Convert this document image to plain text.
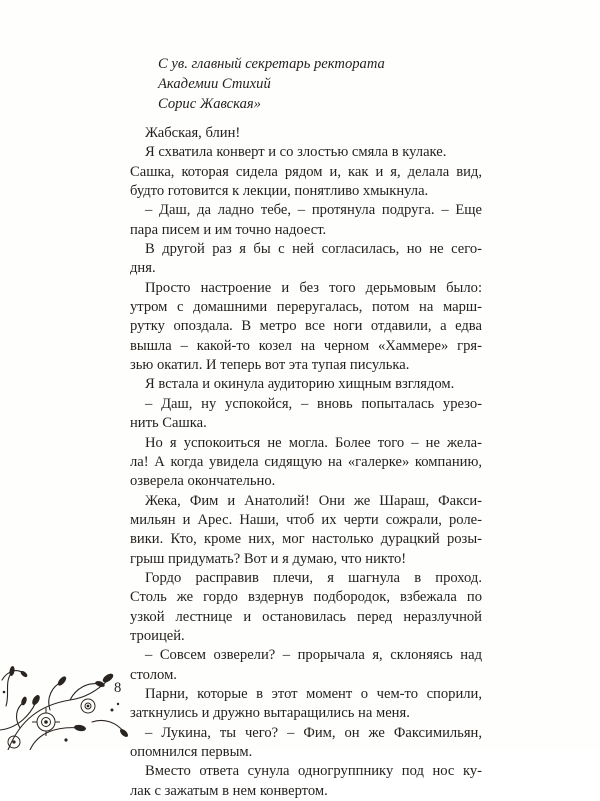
С ув. главный секретарь ректората
Академии Стихий
Сорис Жавская»
Жабская, блин!
Я схватила конверт и со злостью смяла в кулаке.
Сашка, которая сидела рядом и, как и я, делала вид,
будто готовится к лекции, понятливо хмыкнула.
– Даш, да ладно тебе, – протянула подруга. – Еще
пара писем и им точно надоест.
В другой раз я бы с ней согласилась, но не сего-
дня.
Просто настроение и без того дерьмовым было:
утром с домашними переругалась, потом на марш-
рутку опоздала. В метро все ноги отдавили, а едва
вышла – какой-то козел на черном «Хаммере» гря-
зью окатил. И теперь вот эта тупая писулька.
Я встала и окинула аудиторию хищным взглядом.
– Даш, ну успокойся, – вновь попыталась урезо-
нить Сашка.
Но я успокоиться не могла. Более того – не жела-
ла! А когда увидела сидящую на «галерке» компанию,
озверела окончательно.
Жека, Фим и Анатолий! Они же Шараш, Факси-
мильян и Арес. Наши, чтоб их черти сожрали, роле-
вики. Кто, кроме них, мог настолько дурацкий розы-
грыш придумать? Вот и я думаю, что никто!
Гордо расправив плечи, я шагнула в проход.
Столь же гордо вздернув подбородок, взбежала по
узкой лестнице и остановилась перед неразлучной
троицей.
– Совсем озверели? – прорычала я, склоняясь над
столом.
Парни, которые в этот момент о чем-то спорили,
заткнулись и дружно вытаращились на меня.
– Лукина, ты чего? – Фим, он же Факсимильян,
опомнился первым.
Вместо ответа сунула одногруппнику под нос ку-
лак с зажатым в нем конвертом.
8
